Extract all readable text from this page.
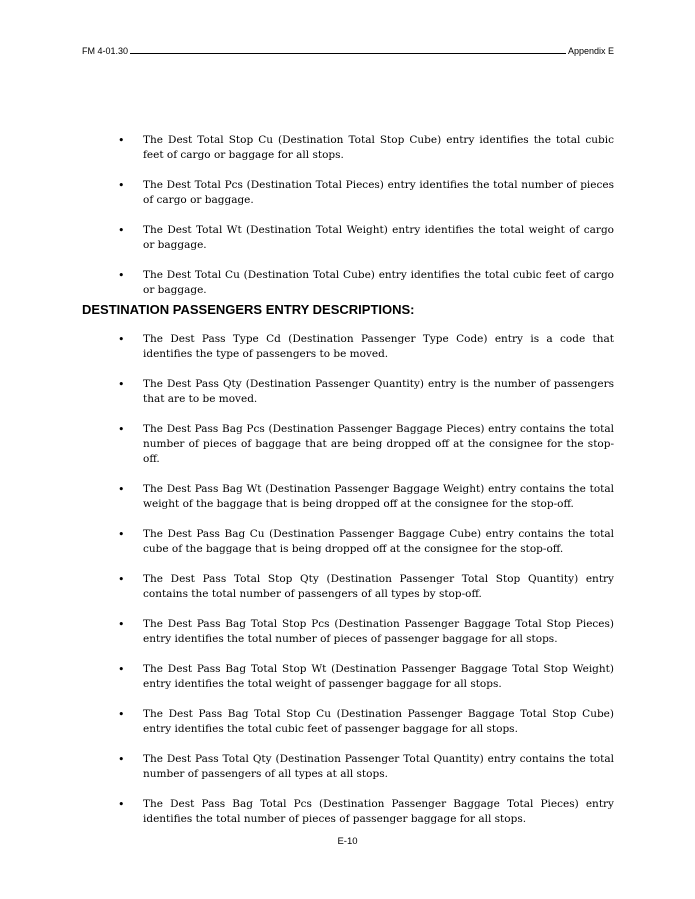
FM 4-01.30	Appendix E
• The Dest Total Stop Cu (Destination Total Stop Cube) entry identifies the total cubic feet of cargo or baggage for all stops.
• The Dest Total Pcs (Destination Total Pieces) entry identifies the total number of pieces of cargo or baggage.
• The Dest Total Wt (Destination Total Weight) entry identifies the total weight of cargo or baggage.
• The Dest Total Cu (Destination Total Cube) entry identifies the total cubic feet of cargo or baggage.
DESTINATION PASSENGERS ENTRY DESCRIPTIONS:
• The Dest Pass Type Cd (Destination Passenger Type Code) entry is a code that identifies the type of passengers to be moved.
• The Dest Pass Qty (Destination Passenger Quantity) entry is the number of passengers that are to be moved.
• The Dest Pass Bag Pcs (Destination Passenger Baggage Pieces) entry contains the total number of pieces of baggage that are being dropped off at the consignee for the stop-off.
• The Dest Pass Bag Wt (Destination Passenger Baggage Weight) entry contains the total weight of the baggage that is being dropped off at the consignee for the stop-off.
• The Dest Pass Bag Cu (Destination Passenger Baggage Cube) entry contains the total cube of the baggage that is being dropped off at the consignee for the stop-off.
• The Dest Pass Total Stop Qty (Destination Passenger Total Stop Quantity) entry contains the total number of passengers of all types by stop-off.
• The Dest Pass Bag Total Stop Pcs (Destination Passenger Baggage Total Stop Pieces) entry identifies the total number of pieces of passenger baggage for all stops.
• The Dest Pass Bag Total Stop Wt (Destination Passenger Baggage Total Stop Weight) entry identifies the total weight of passenger baggage for all stops.
• The Dest Pass Bag Total Stop Cu (Destination Passenger Baggage Total Stop Cube) entry identifies the total cubic feet of passenger baggage for all stops.
• The Dest Pass Total Qty (Destination Passenger Total Quantity) entry contains the total number of passengers of all types at all stops.
• The Dest Pass Bag Total Pcs (Destination Passenger Baggage Total Pieces) entry identifies the total number of pieces of passenger baggage for all stops.
E-10
